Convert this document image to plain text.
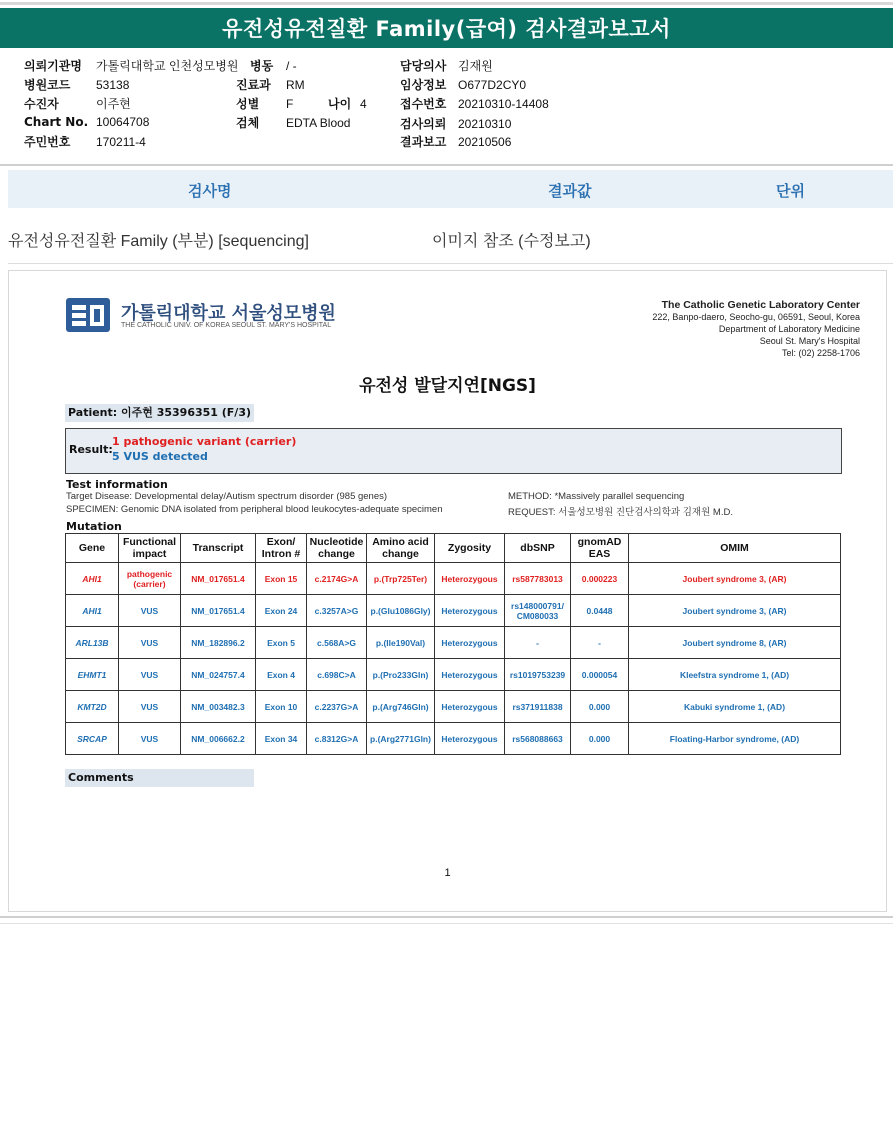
유전성유전질환 Family(급여) 검사결과보고서
의뢰기관명 가톨릭대학교 인천성모병원
병원코드 53138
수진자	이주현
Chart No. 10064708
주민번호 170211-4
병동 / -
진료과 RM
성별 F	나이 4
검체 EDTA Blood
담당의사 김재원
임상정보 O677D2CY0
접수번호 20210310-14408
검사의뢰 20210310
결과보고 20210506
검사명	결과값	단위
유전성유전질환 Family (부분) [sequencing]	이미지 참조 (수정보고)
가톨릭대학교 서울성모병원
THE CATHOLIC UNIV. OF KOREA SEOUL ST. MARY'S HOSPITAL
The Catholic Genetic Laboratory Center
222, Banpo-daero, Seocho-gu, 06591, Seoul, Korea
Department of Laboratory Medicine
Seoul St. Mary's Hospital
Tel: (02) 2258-1706
유전성 발달지연[NGS]
Patient: 이주현 35396351 (F/3)
Result:
1 pathogenic variant (carrier)
5 VUS detected
Test information
Target Disease: Developmental delay/Autism spectrum disorder (985 genes)
SPECIMEN: Genomic DNA isolated from peripheral blood leukocytes-adequate specimen
METHOD: *Massively parallel sequencing
REQUEST: 서울성모병원 진단검사의학과 김재원 M.D.
Mutation
Gene	Functional impact	Transcript	Exon/ Intron #	Nucleotide change	Amino acid change	Zygosity	dbSNP	gnomAD EAS	OMIM
AHI1	pathogenic (carrier)	NM_017651.4	Exon 15	c.2174G>A	p.(Trp725Ter)	Heterozygous	rs587783013	0.000223	Joubert syndrome 3, (AR)
AHI1	VUS	NM_017651.4	Exon 24	c.3257A>G	p.(Glu1086Gly)	Heterozygous	rs148000791/ CM080033	0.0448	Joubert syndrome 3, (AR)
ARL13B	VUS	NM_182896.2	Exon 5	c.568A>G	p.(Ile190Val)	Heterozygous	-	-	Joubert syndrome 8, (AR)
EHMT1	VUS	NM_024757.4	Exon 4	c.698C>A	p.(Pro233Gln)	Heterozygous	rs1019753239	0.000054	Kleefstra syndrome 1, (AD)
KMT2D	VUS	NM_003482.3	Exon 10	c.2237G>A	p.(Arg746Gln)	Heterozygous	rs371911838	0.000	Kabuki syndrome 1, (AD)
SRCAP	VUS	NM_006662.2	Exon 34	c.8312G>A	p.(Arg2771Gln)	Heterozygous	rs568088663	0.000	Floating-Harbor syndrome, (AD)
Comments
1
